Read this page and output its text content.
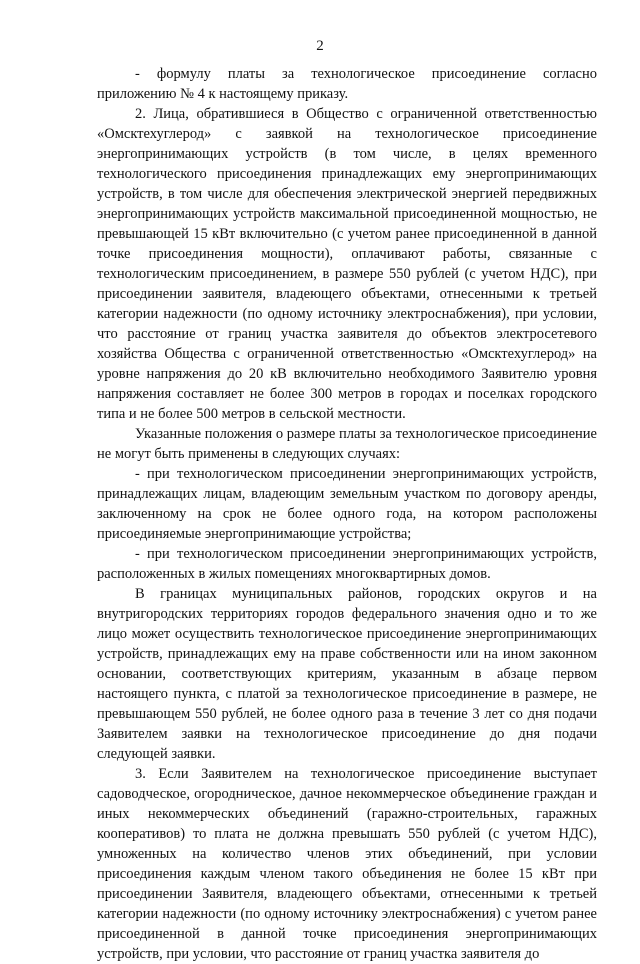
2

- формулу платы за технологическое присоединение согласно приложению № 4 к настоящему приказу.

2. Лица, обратившиеся в Общество с ограниченной ответственностью «Омсктехуглерод» с заявкой на технологическое присоединение энергопринимающих устройств (в том числе, в целях временного технологического присоединения принадлежащих ему энергопринимающих устройств, в том числе для обеспечения электрической энергией передвижных энергопринимающих устройств максимальной присоединенной мощностью, не превышающей 15 кВт включительно (с учетом ранее присоединенной в данной точке присоединения мощности), оплачивают работы, связанные с технологическим присоединением, в размере 550 рублей (с учетом НДС), при присоединении заявителя, владеющего объектами, отнесенными к третьей категории надежности (по одному источнику электроснабжения), при условии, что расстояние от границ участка заявителя до объектов электросетевого хозяйства Общества с ограниченной ответственностью «Омсктехуглерод» на уровне напряжения до 20 кВ включительно необходимого Заявителю уровня напряжения составляет не более 300 метров в городах и поселках городского типа и не более 500 метров в сельской местности.

Указанные положения о размере платы за технологическое присоединение не могут быть применены в следующих случаях:

- при технологическом присоединении энергопринимающих устройств, принадлежащих лицам, владеющим земельным участком по договору аренды, заключенному на срок не более одного года, на котором расположены присоединяемые энергопринимающие устройства;

- при технологическом присоединении энергопринимающих устройств, расположенных в жилых помещениях многоквартирных домов.

В границах муниципальных районов, городских округов и на внутригородских территориях городов федерального значения одно и то же лицо может осуществить технологическое присоединение энергопринимающих устройств, принадлежащих ему на праве собственности или на ином законном основании, соответствующих критериям, указанным в абзаце первом настоящего пункта, с платой за технологическое присоединение в размере, не превышающем 550 рублей, не более одного раза в течение 3 лет со дня подачи Заявителем заявки на технологическое присоединение до дня подачи следующей заявки.

3. Если Заявителем на технологическое присоединение выступает садоводческое, огородническое, дачное некоммерческое объединение граждан и иных некоммерческих объединений (гаражно-строительных, гаражных кооперативов) то плата не должна превышать 550 рублей (с учетом НДС), умноженных на количество членов этих объединений, при условии присоединения каждым членом такого объединения не более 15 кВт при присоединении Заявителя, владеющего объектами, отнесенными к третьей категории надежности (по одному источнику электроснабжения) с учетом ранее присоединенной в данной точке присоединения энергопринимающих устройств, при условии, что расстояние от границ участка заявителя до
